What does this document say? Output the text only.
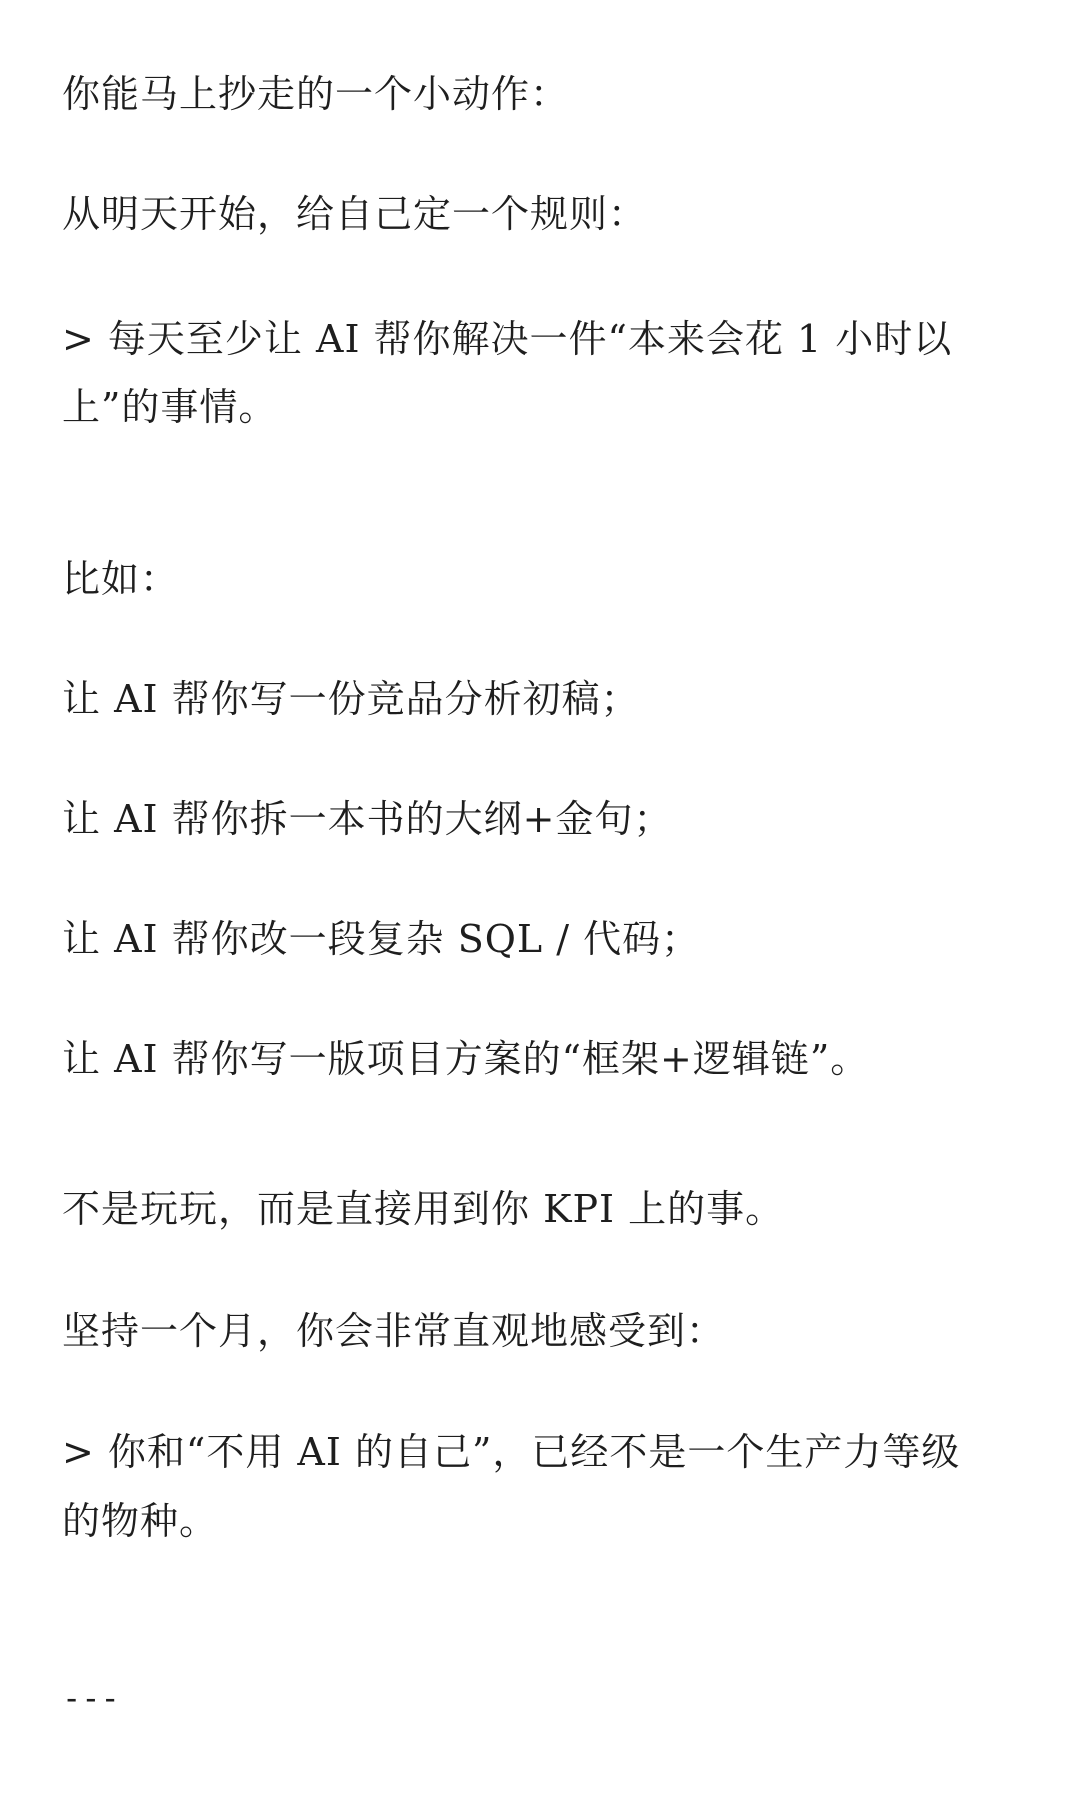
你能马上抄走的一个小动作：

从明天开始，给自己定一个规则：

> 每天至少让 AI 帮你解决一件“本来会花 1 小时以

上”的事情。

比如：

让 AI 帮你写一份竞品分析初稿；

让 AI 帮你拆一本书的大纲+金句；

让 AI 帮你改一段复杂 SQL / 代码；

让 AI 帮你写一版项目方案的“框架+逻辑链”。

不是玩玩，而是直接用到你 KPI 上的事。

坚持一个月，你会非常直观地感受到：

> 你和“不用 AI 的自己”，已经不是一个生产力等级

的物种。

---
